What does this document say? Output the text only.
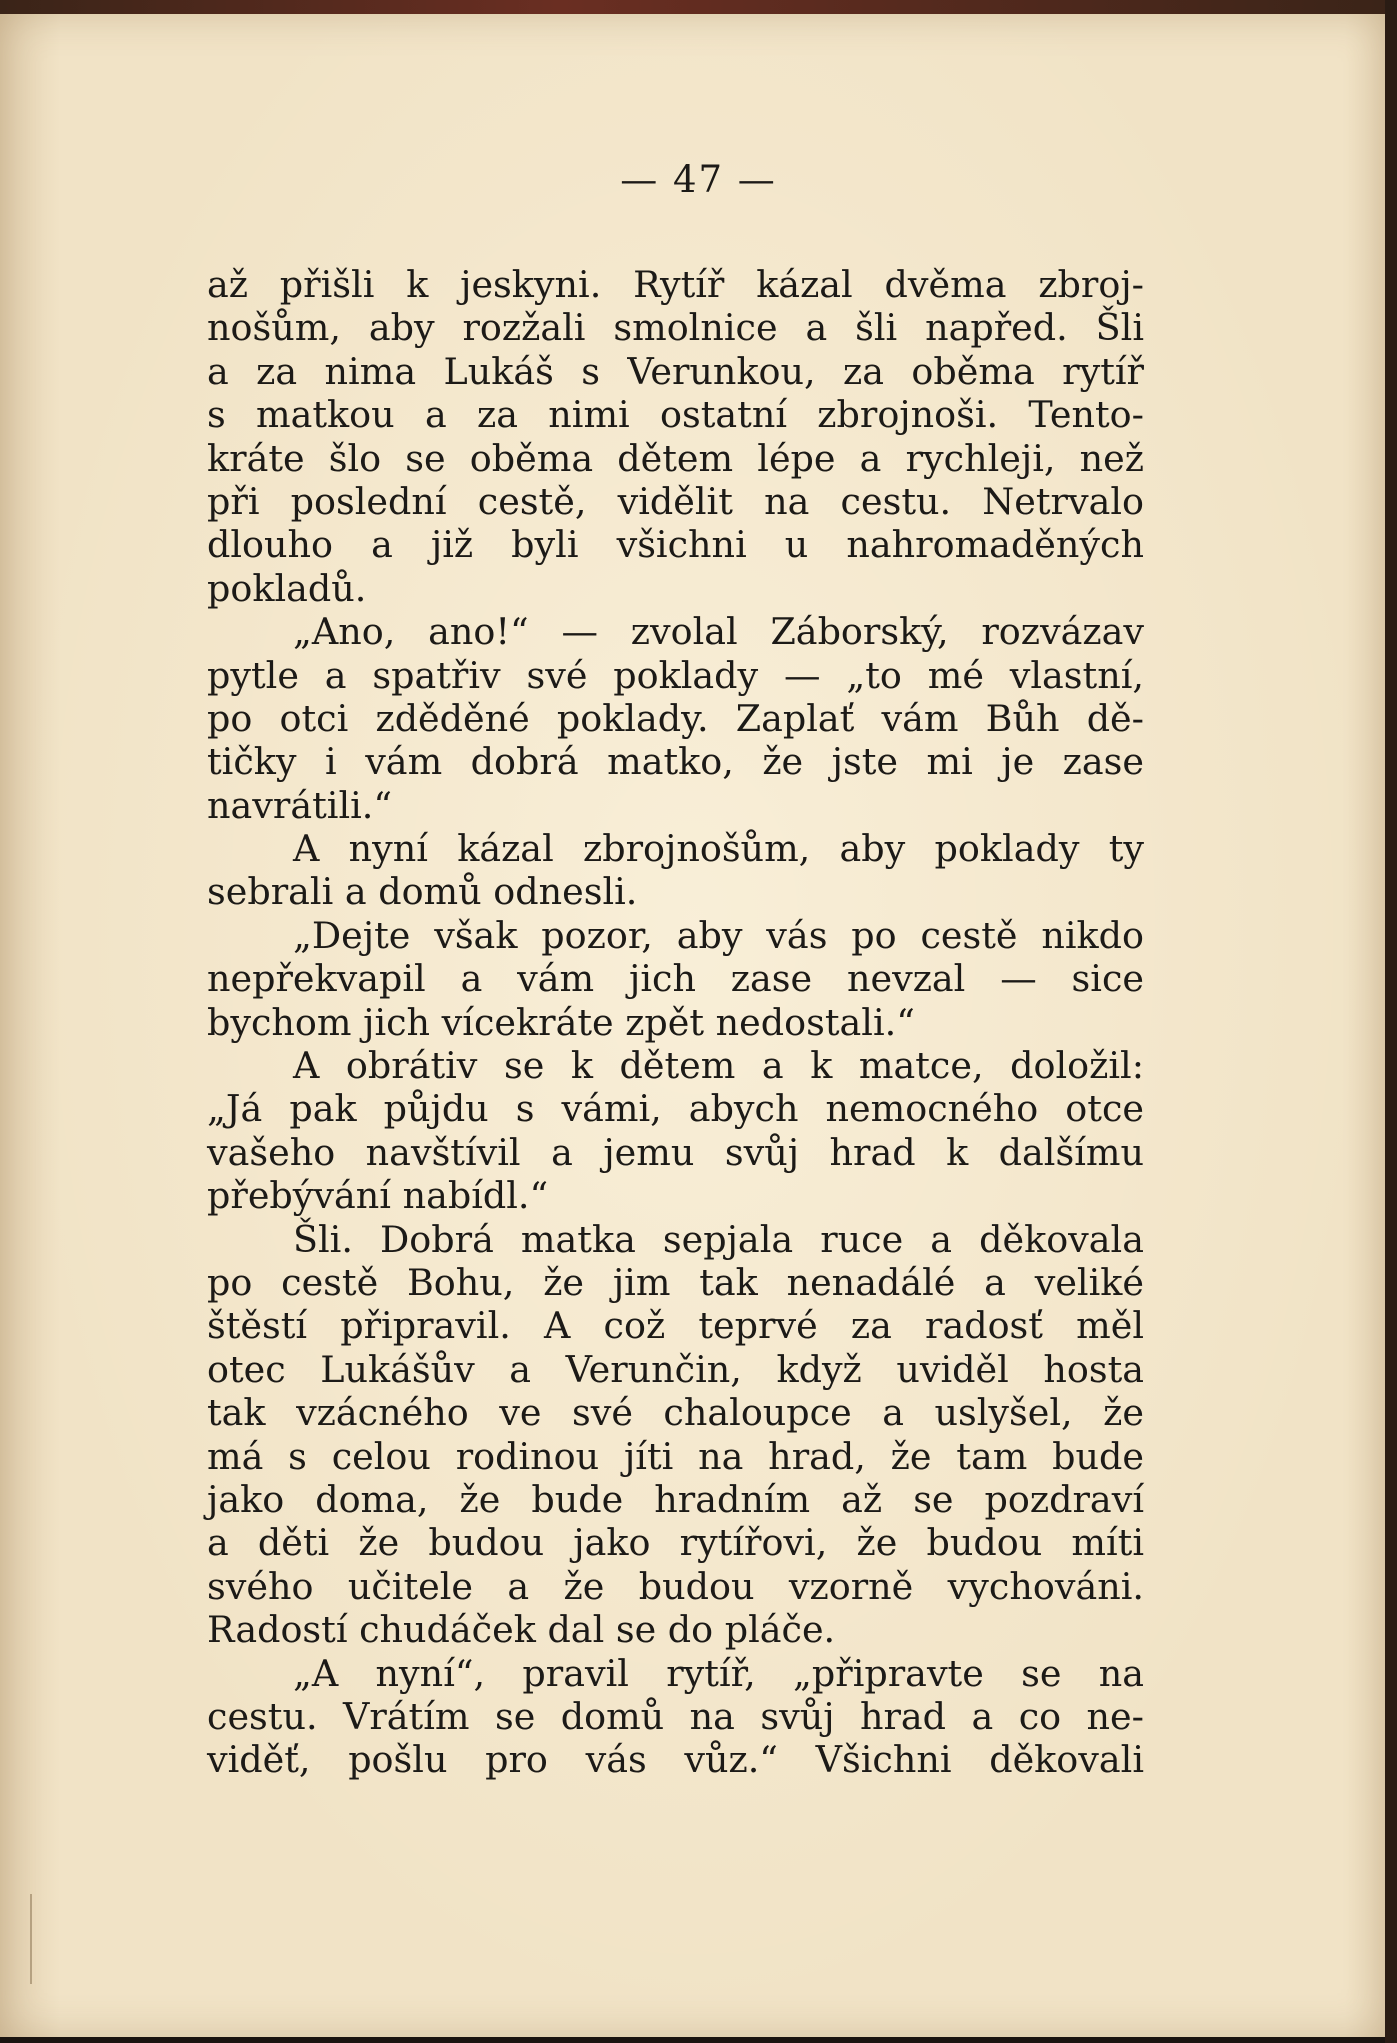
— 47 —

až přišli k jeskyni. Rytíř kázal dvěma zbroj-
nošům, aby rozžali smolnice a šli napřed. Šli
a za nima Lukáš s Verunkou, za oběma rytíř
s matkou a za nimi ostatní zbrojnoši. Tento-
kráte šlo se oběma dětem lépe a rychleji, než
při poslední cestě, vidělit na cestu. Netrvalo
dlouho a již byli všichni u nahromaděných
pokladů.
„Ano, ano!“ — zvolal Záborský, rozvázav
pytle a spatřiv své poklady — „to mé vlastní,
po otci zděděné poklady. Zaplať vám Bůh dě-
tičky i vám dobrá matko, že jste mi je zase
navrátili.“
A nyní kázal zbrojnošům, aby poklady ty
sebrali a domů odnesli.
„Dejte však pozor, aby vás po cestě nikdo
nepřekvapil a vám jich zase nevzal — sice
bychom jich vícekráte zpět nedostali.“
A obrátiv se k dětem a k matce, doložil:
„Já pak půjdu s vámi, abych nemocného otce
vašeho navštívil a jemu svůj hrad k dalšímu
přebývání nabídl.“
Šli. Dobrá matka sepjala ruce a děkovala
po cestě Bohu, že jim tak nenadálé a veliké
štěstí připravil. A což teprvé za radosť měl
otec Lukášův a Verunčin, když uviděl hosta
tak vzácného ve své chaloupce a uslyšel, že
má s celou rodinou jíti na hrad, že tam bude
jako doma, že bude hradním až se pozdraví
a děti že budou jako rytířovi, že budou míti
svého učitele a že budou vzorně vychováni.
Radostí chudáček dal se do pláče.
„A nyní“, pravil rytíř, „připravte se na
cestu. Vrátím se domů na svůj hrad a co ne-
viděť, pošlu pro vás vůz.“ Všichni děkovali
